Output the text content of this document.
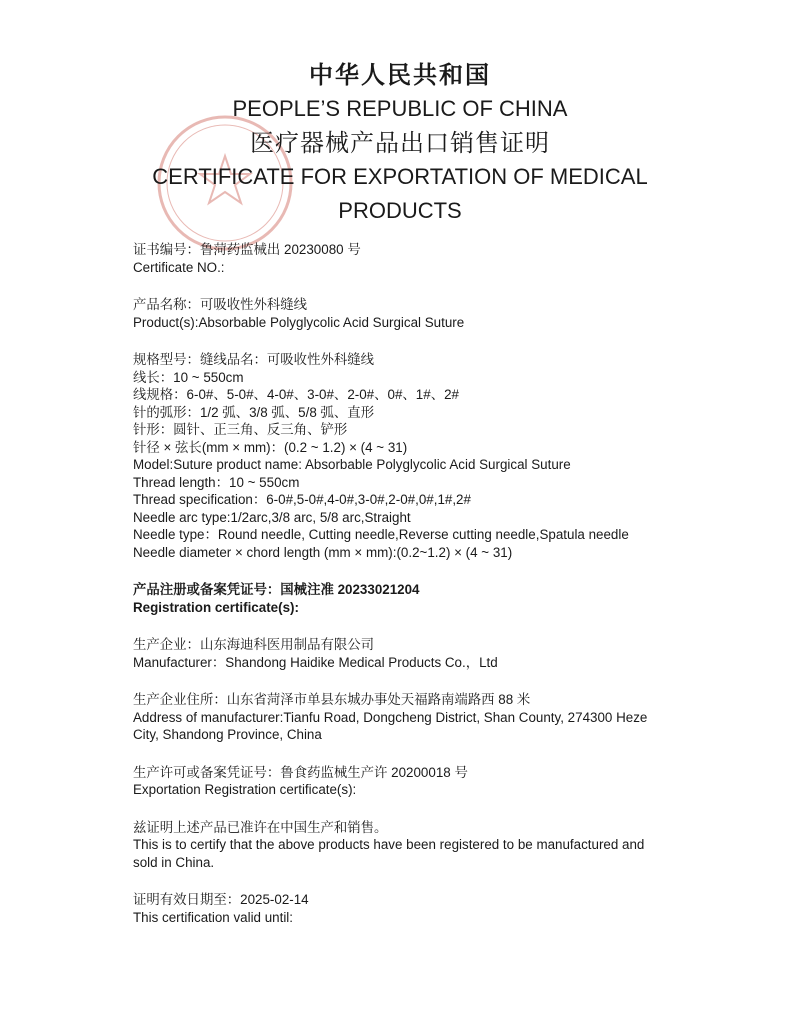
中华人民共和国
PEOPLE’S REPUBLIC OF CHINA
医疗器械产品出口销售证明
CERTIFICATE FOR EXPORTATION OF MEDICAL
PRODUCTS
证书编号：鲁菏药监械出 20230080 号
Certificate NO.:
产品名称：可吸收性外科缝线
Product(s):Absorbable Polyglycolic Acid Surgical Suture
规格型号：缝线品名：可吸收性外科缝线
线长：10 ~ 550cm
线规格：6-0#、5-0#、4-0#、3-0#、2-0#、0#、1#、2#
针的弧形：1/2 弧、3/8 弧、5/8 弧、直形
针形：圆针、正三角、反三角、铲形
针径 × 弦长(mm × mm)：(0.2 ~ 1.2) × (4 ~ 31)
Model:Suture product name: Absorbable Polyglycolic Acid Surgical Suture
Thread length：10 ~ 550cm
Thread specification：6-0#,5-0#,4-0#,3-0#,2-0#,0#,1#,2#
Needle arc type:1/2arc,3/8 arc, 5/8 arc,Straight
Needle type：Round needle, Cutting needle,Reverse cutting needle,Spatula needle
Needle diameter × chord length (mm × mm):(0.2~1.2) × (4 ~ 31)
产品注册或备案凭证号：国械注准 20233021204
Registration certificate(s):
生产企业：山东海迪科医用制品有限公司
Manufacturer：Shandong Haidike Medical Products Co.，Ltd
生产企业住所：山东省菏泽市单县东城办事处天福路南端路西 88 米
Address of manufacturer:Tianfu Road, Dongcheng District, Shan County, 274300 Heze City, Shandong Province, China
生产许可或备案凭证号：鲁食药监械生产许 20200018 号
Exportation Registration certificate(s):
兹证明上述产品已准许在中国生产和销售。
This is to certify that the above products have been registered to be manufactured and sold in China.
证明有效日期至：2025-02-14
This certification valid until:
